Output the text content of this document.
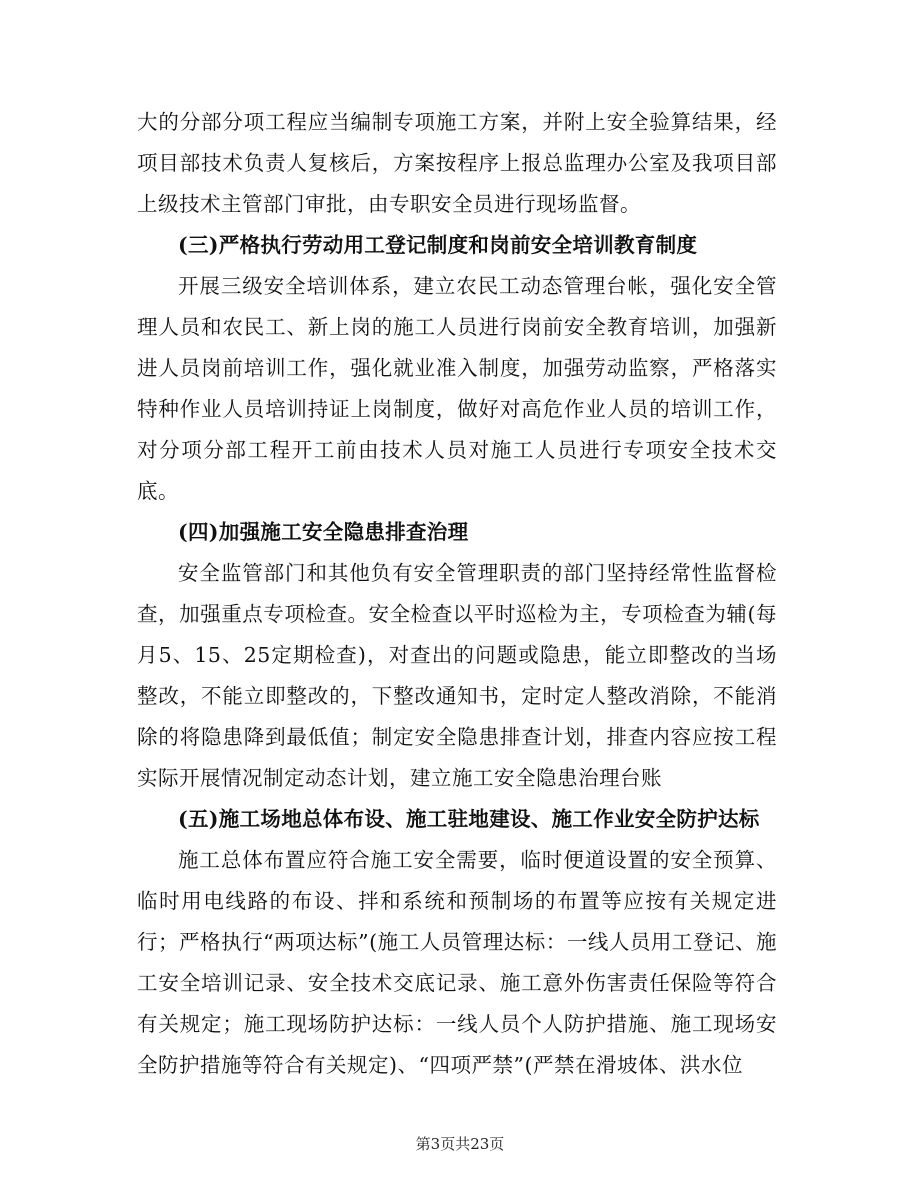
大的分部分项工程应当编制专项施工方案，并附上安全验算结果，经项目部技术负责人复核后，方案按程序上报总监理办公室及我项目部上级技术主管部门审批，由专职安全员进行现场监督。

(三)严格执行劳动用工登记制度和岗前安全培训教育制度

开展三级安全培训体系，建立农民工动态管理台帐，强化安全管理人员和农民工、新上岗的施工人员进行岗前安全教育培训，加强新进人员岗前培训工作，强化就业准入制度，加强劳动监察，严格落实特种作业人员培训持证上岗制度，做好对高危作业人员的培训工作，对分项分部工程开工前由技术人员对施工人员进行专项安全技术交底。

(四)加强施工安全隐患排查治理

安全监管部门和其他负有安全管理职责的部门坚持经常性监督检查，加强重点专项检查。安全检查以平时巡检为主，专项检查为辅(每月5、15、25定期检查)，对查出的问题或隐患，能立即整改的当场整改，不能立即整改的，下整改通知书，定时定人整改消除，不能消除的将隐患降到最低值；制定安全隐患排查计划，排查内容应按工程实际开展情况制定动态计划，建立施工安全隐患治理台账

(五)施工场地总体布设、施工驻地建设、施工作业安全防护达标

施工总体布置应符合施工安全需要，临时便道设置的安全预算、临时用电线路的布设、拌和系统和预制场的布置等应按有关规定进行；严格执行“两项达标”(施工人员管理达标：一线人员用工登记、施工安全培训记录、安全技术交底记录、施工意外伤害责任保险等符合有关规定；施工现场防护达标：一线人员个人防护措施、施工现场安全防护措施等符合有关规定)、“四项严禁”(严禁在滑坡体、洪水位

第3页共23页
